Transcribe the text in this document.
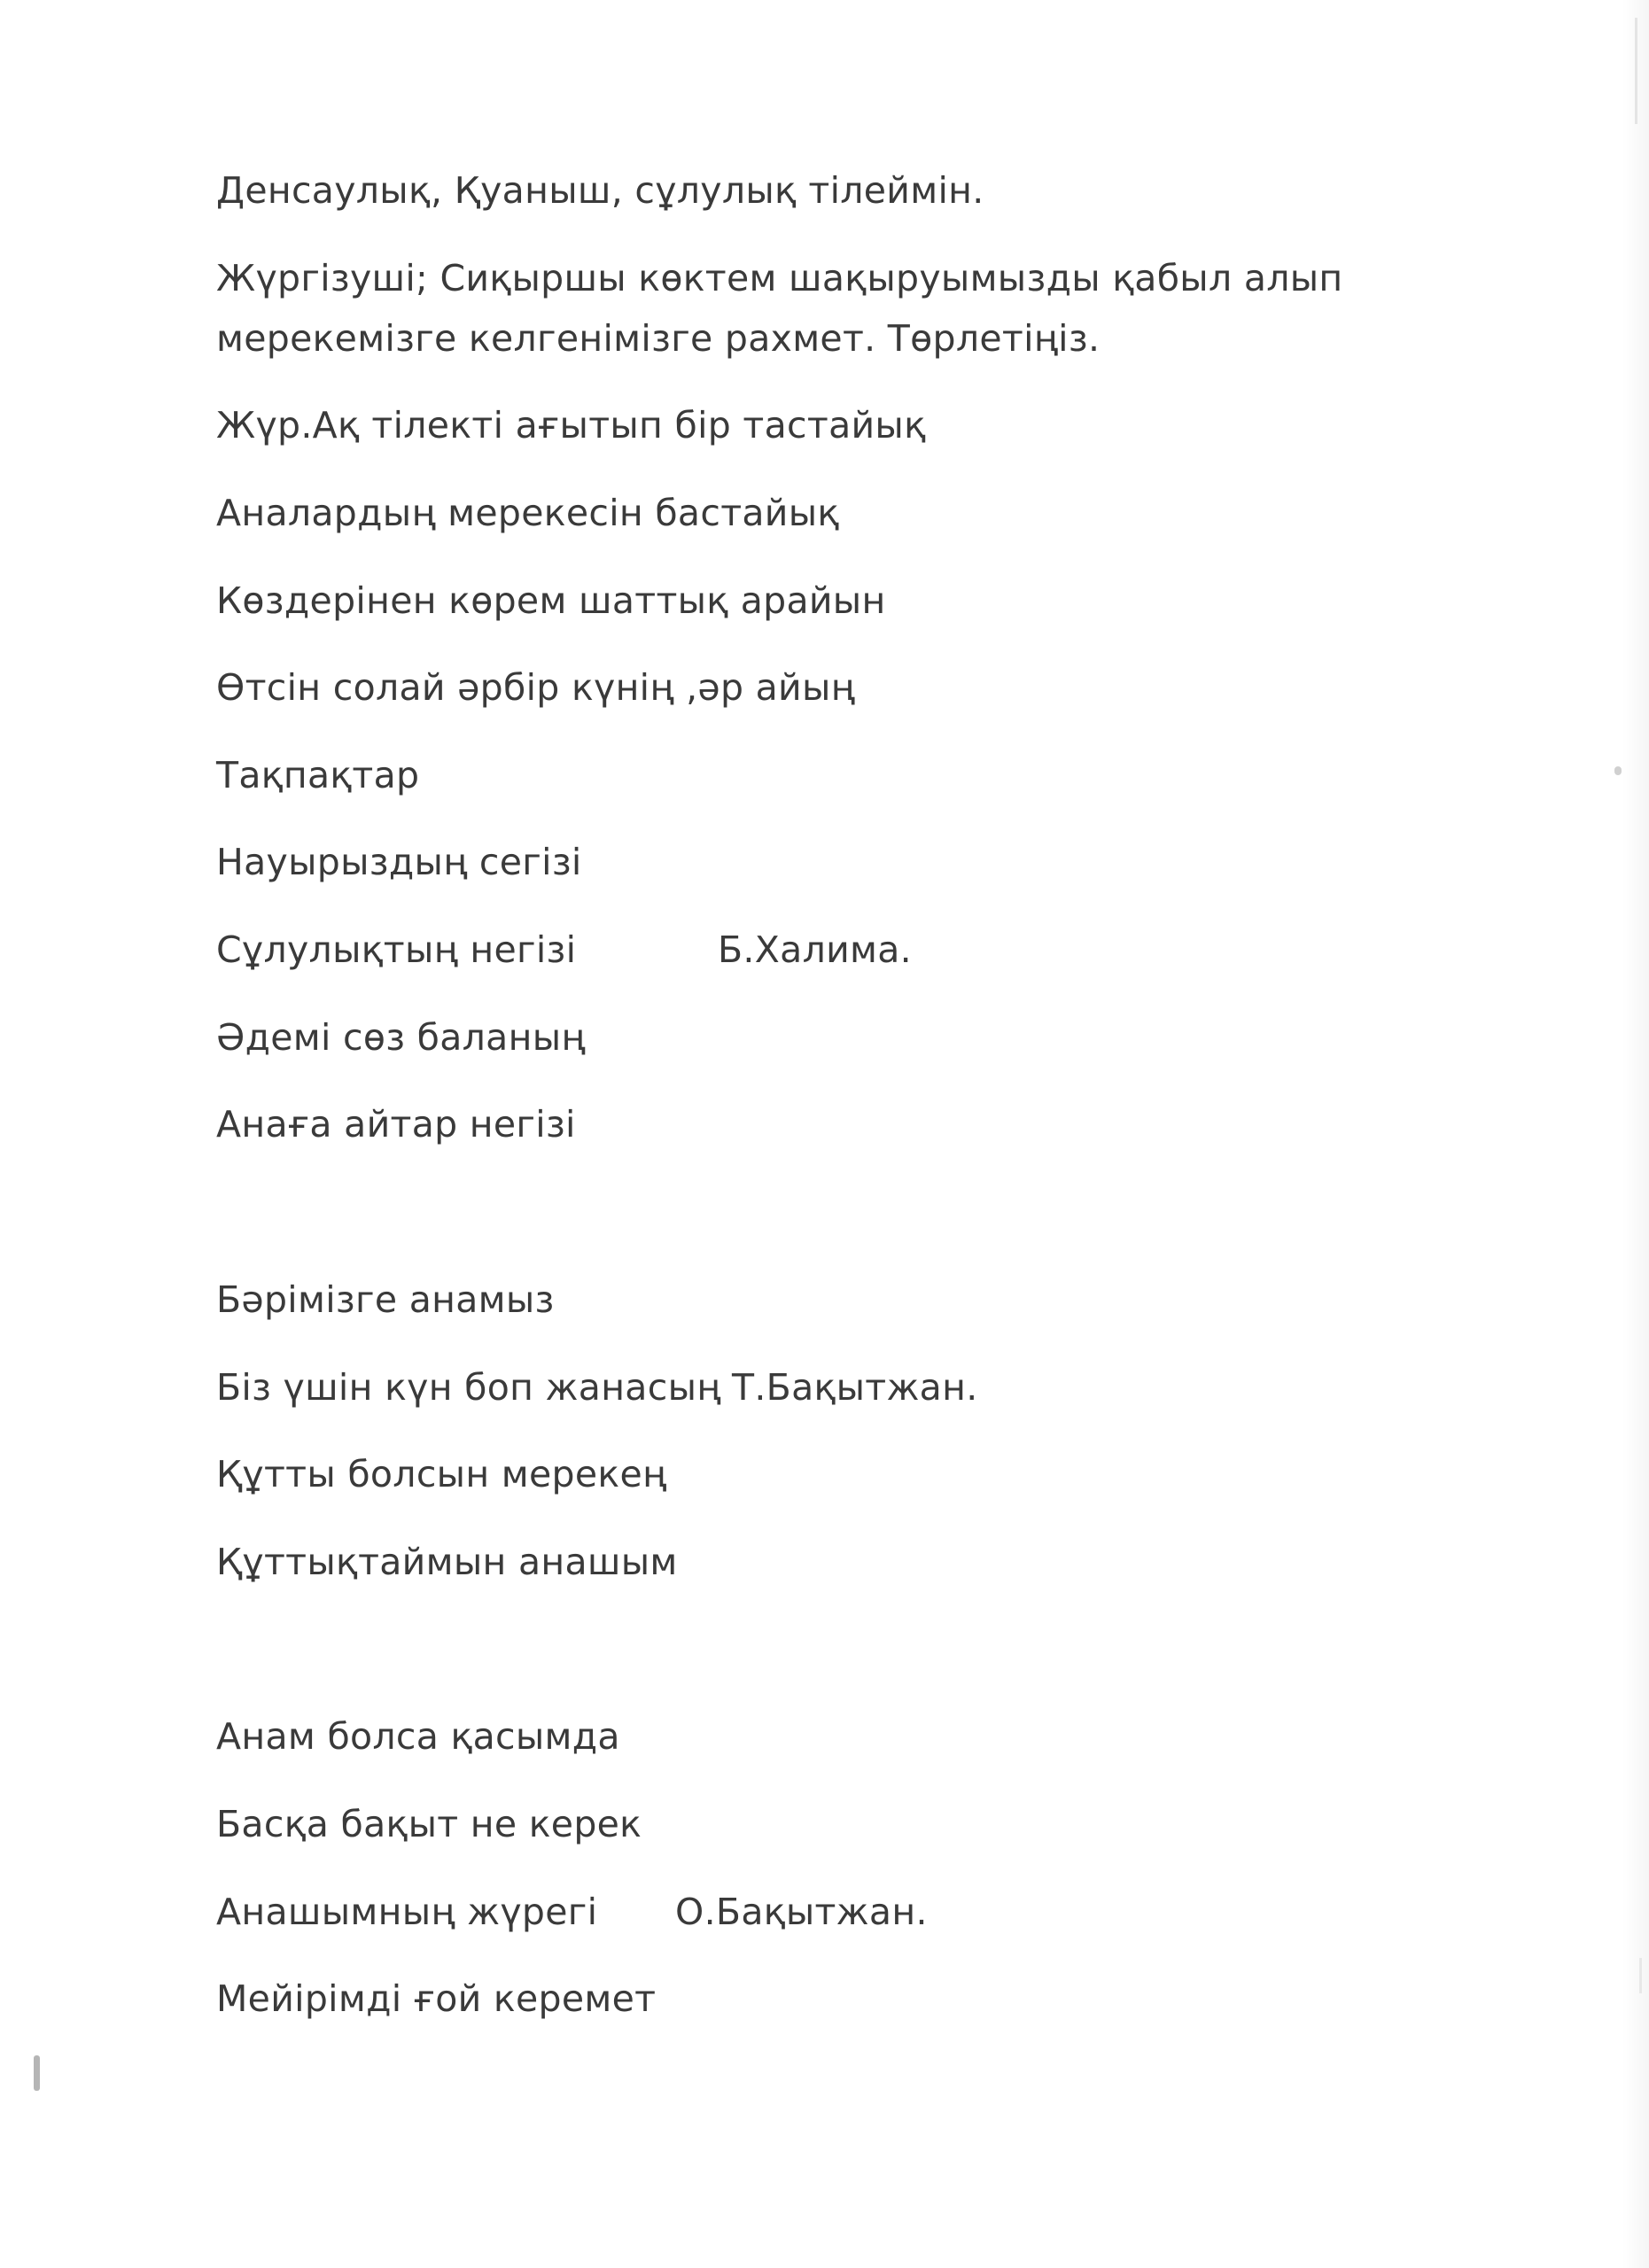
Денсаулық, Қуаныш, сұлулық тілеймін.
Жүргізуші; Сиқыршы көктем шақыруымызды қабыл алып
мерекемізге келгенімізге рахмет. Төрлетіңіз.
Жүр.Ақ тілекті ағытып бір тастайық
Аналардың мерекесін бастайық
Көздерінен көрем шаттық арайын
Өтсін солай әрбір күнің ,әр айың
Тақпақтар
Науырыздың сегізі
Сұлулықтың негізі	Б.Халима.
Әдемі сөз баланың
Анаға айтар негізі
Бәрімізге анамыз
Біз үшін күн боп жанасың Т.Бақытжан.
Құтты болсын мерекең
Құттықтаймын анашым
Анам болса қасымда
Басқа бақыт не керек
Анашымның жүрегі О.Бақытжан.
Мейірімді ғой керемет
